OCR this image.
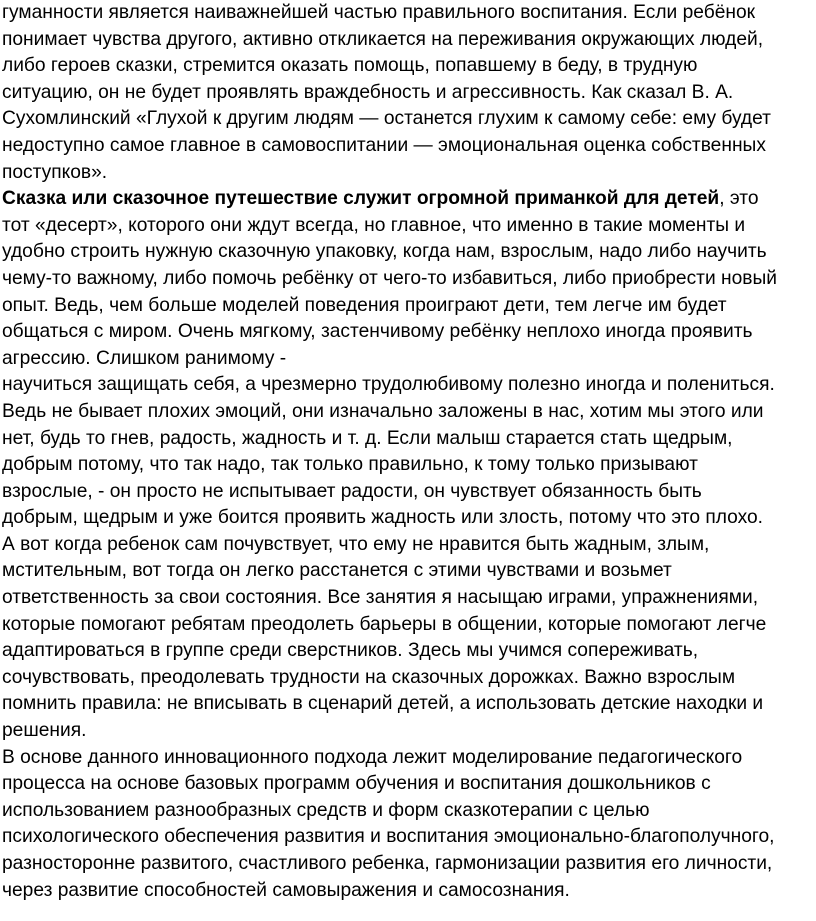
гуманности является наиважнейшей частью правильного воспитания. Если ребёнок
понимает чувства другого, активно откликается на переживания окружающих людей,
либо героев сказки, стремится оказать помощь, попавшему в беду, в трудную
ситуацию, он не будет проявлять враждебность и агрессивность. Как сказал В. А.
Сухомлинский «Глухой к другим людям — останется глухим к самому себе: ему будет
недоступно самое главное в самовоспитании — эмоциональная оценка собственных
поступков».
Сказка или сказочное путешествие служит огромной приманкой для детей, это
тот «десерт», которого они ждут всегда, но главное, что именно в такие моменты и
удобно строить нужную сказочную упаковку, когда нам, взрослым, надо либо научить
чему-то важному, либо помочь ребёнку от чего-то избавиться, либо приобрести новый
опыт. Ведь, чем больше моделей поведения проиграют дети, тем легче им будет
общаться с миром. Очень мягкому, застенчивому ребёнку неплохо иногда проявить
агрессию. Слишком ранимому -
научиться защищать себя, а чрезмерно трудолюбивому полезно иногда и полениться.
Ведь не бывает плохих эмоций, они изначально заложены в нас, хотим мы этого или
нет, будь то гнев, радость, жадность и т. д. Если малыш старается стать щедрым,
добрым потому, что так надо, так только правильно, к тому только призывают
взрослые, - он просто не испытывает радости, он чувствует обязанность быть
добрым, щедрым и уже боится проявить жадность или злость, потому что это плохо.
А вот когда ребенок сам почувствует, что ему не нравится быть жадным, злым,
мстительным, вот тогда он легко расстанется с этими чувствами и возьмет
ответственность за свои состояния. Все занятия я насыщаю играми, упражнениями,
которые помогают ребятам преодолеть барьеры в общении, которые помогают легче
адаптироваться в группе среди сверстников. Здесь мы учимся сопереживать,
сочувствовать, преодолевать трудности на сказочных дорожках. Важно взрослым
помнить правила: не вписывать в сценарий детей, а использовать детские находки и
решения.
В основе данного инновационного подхода лежит моделирование педагогического
процесса на основе базовых программ обучения и воспитания дошкольников с
использованием разнообразных средств и форм сказкотерапии с целью
психологического обеспечения развития и воспитания эмоционально-благополучного,
разносторонне развитого, счастливого ребенка, гармонизации развития его личности,
через развитие способностей самовыражения и самосознания.
